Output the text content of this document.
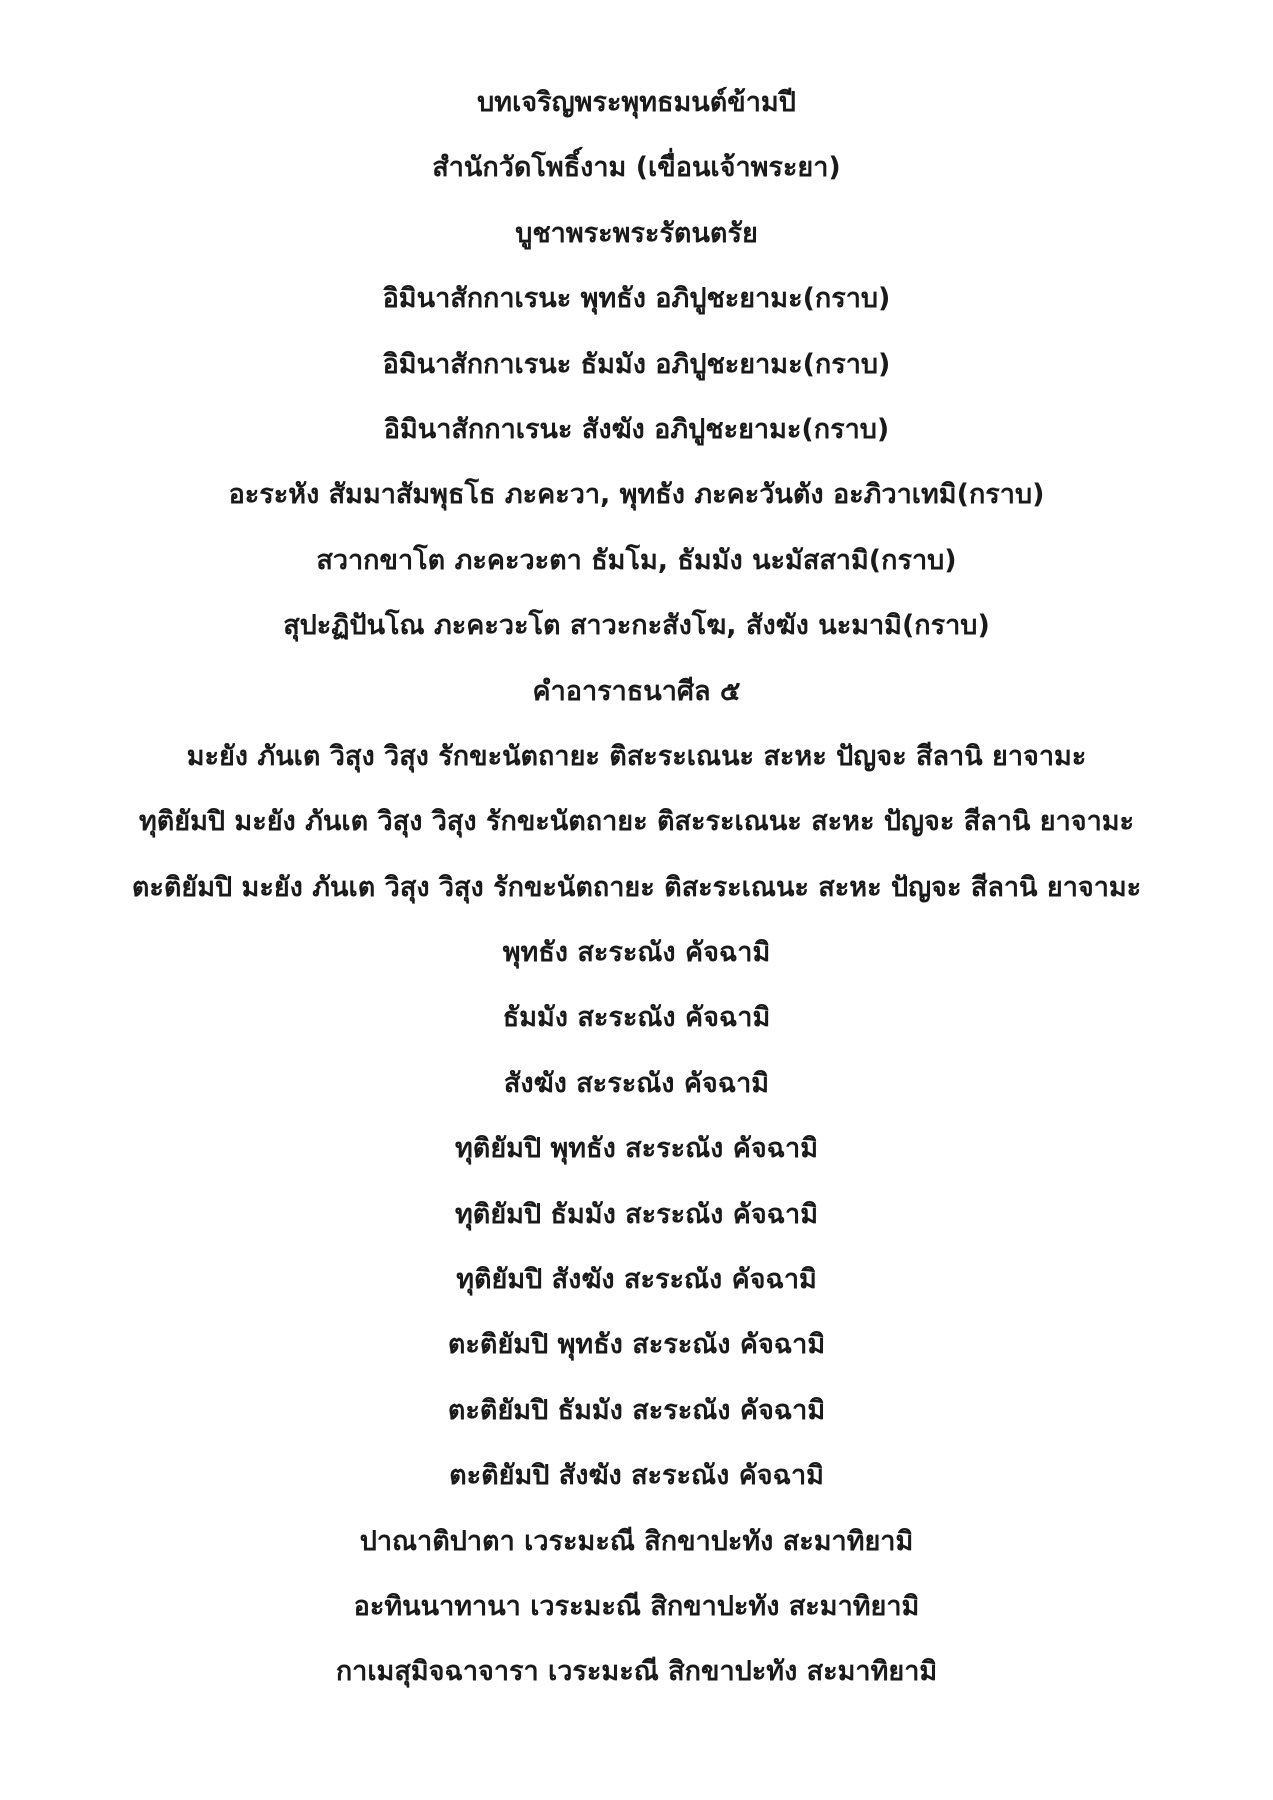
บทเจริญพระพุทธมนต์ข้ามปี
สำนักวัดโพธิ์งาม (เขื่อนเจ้าพระยา)
บูชาพระพระรัตนตรัย
อิมินาสักกาเรนะ พุทธัง อภิปูชะยามะ(กราบ)
อิมินาสักกาเรนะ ธัมมัง อภิปูชะยามะ(กราบ)
อิมินาสักกาเรนะ สังฆัง อภิปูชะยามะ(กราบ)
อะระหัง สัมมาสัมพุธโธ ภะคะวา, พุทธัง ภะคะวันตัง อะภิวาเทมิ(กราบ)
สวากขาโต ภะคะวะตา ธัมโม, ธัมมัง นะมัสสามิ(กราบ)
สุปะฏิปันโณ ภะคะวะโต สาวะกะสังโฆ, สังฆัง นะมามิ(กราบ)
คำอาราธนาศีล ๕
มะยัง ภันเต วิสุง วิสุง รักขะนัตถายะ ติสะระเณนะ สะหะ ปัญจะ สีลานิ ยาจามะ
ทุติยัมปิ มะยัง ภันเต วิสุง วิสุง รักขะนัตถายะ ติสะระเณนะ สะหะ ปัญจะ สีลานิ ยาจามะ
ตะติยัมปิ มะยัง ภันเต วิสุง วิสุง รักขะนัตถายะ ติสะระเณนะ สะหะ ปัญจะ สีลานิ ยาจามะ
พุทธัง สะระณัง คัจฉามิ
ธัมมัง สะระณัง คัจฉามิ
สังฆัง สะระณัง คัจฉามิ
ทุติยัมปิ พุทธัง สะระณัง คัจฉามิ
ทุติยัมปิ ธัมมัง สะระณัง คัจฉามิ
ทุติยัมปิ สังฆัง สะระณัง คัจฉามิ
ตะติยัมปิ พุทธัง สะระณัง คัจฉามิ
ตะติยัมปิ ธัมมัง สะระณัง คัจฉามิ
ตะติยัมปิ สังฆัง สะระณัง คัจฉามิ
ปาณาติปาตา เวระมะณี สิกขาปะทัง สะมาทิยามิ
อะทินนาทานา เวระมะณี สิกขาปะทัง สะมาทิยามิ
กาเมสุมิจฉาจารา เวระมะณี สิกขาปะทัง สะมาทิยามิ
